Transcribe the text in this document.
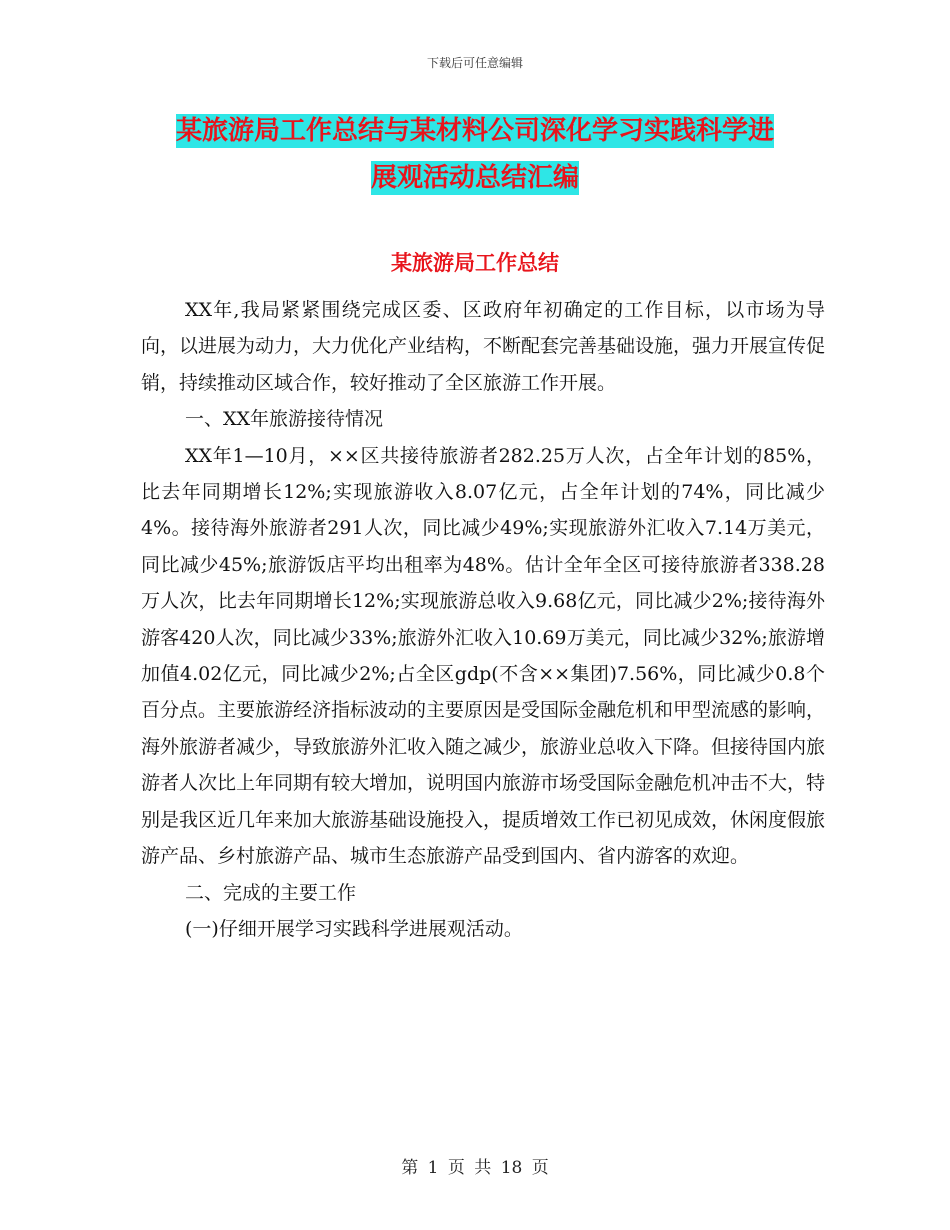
下载后可任意编辑
某旅游局工作总结与某材料公司深化学习实践科学进
展观活动总结汇编
某旅游局工作总结

XX年,我局紧紧围绕完成区委、区政府年初确定的工作目标，以市场为导向，以进展为动力，大力优化产业结构，不断配套完善基础设施，强力开展宣传促销，持续推动区域合作，较好推动了全区旅游工作开展。

一、XX年旅游接待情况

XX年1—10月，××区共接待旅游者282.25万人次，占全年计划的85%，比去年同期增长12%;实现旅游收入8.07亿元，占全年计划的74%，同比减少4%。接待海外旅游者291人次，同比减少49%;实现旅游外汇收入7.14万美元，同比减少45%;旅游饭店平均出租率为48%。估计全年全区可接待旅游者338.28万人次，比去年同期增长12%;实现旅游总收入9.68亿元，同比减少2%;接待海外游客420人次，同比减少33%;旅游外汇收入10.69万美元，同比减少32%;旅游增加值4.02亿元，同比减少2%;占全区gdp(不含××集团)7.56%，同比减少0.8个百分点。主要旅游经济指标波动的主要原因是受国际金融危机和甲型流感的影响，海外旅游者减少，导致旅游外汇收入随之减少，旅游业总收入下降。但接待国内旅游者人次比上年同期有较大增加，说明国内旅游市场受国际金融危机冲击不大，特别是我区近几年来加大旅游基础设施投入，提质增效工作已初见成效，休闲度假旅游产品、乡村旅游产品、城市生态旅游产品受到国内、省内游客的欢迎。

二、完成的主要工作

(一)仔细开展学习实践科学进展观活动。

第 1 页 共 18 页
